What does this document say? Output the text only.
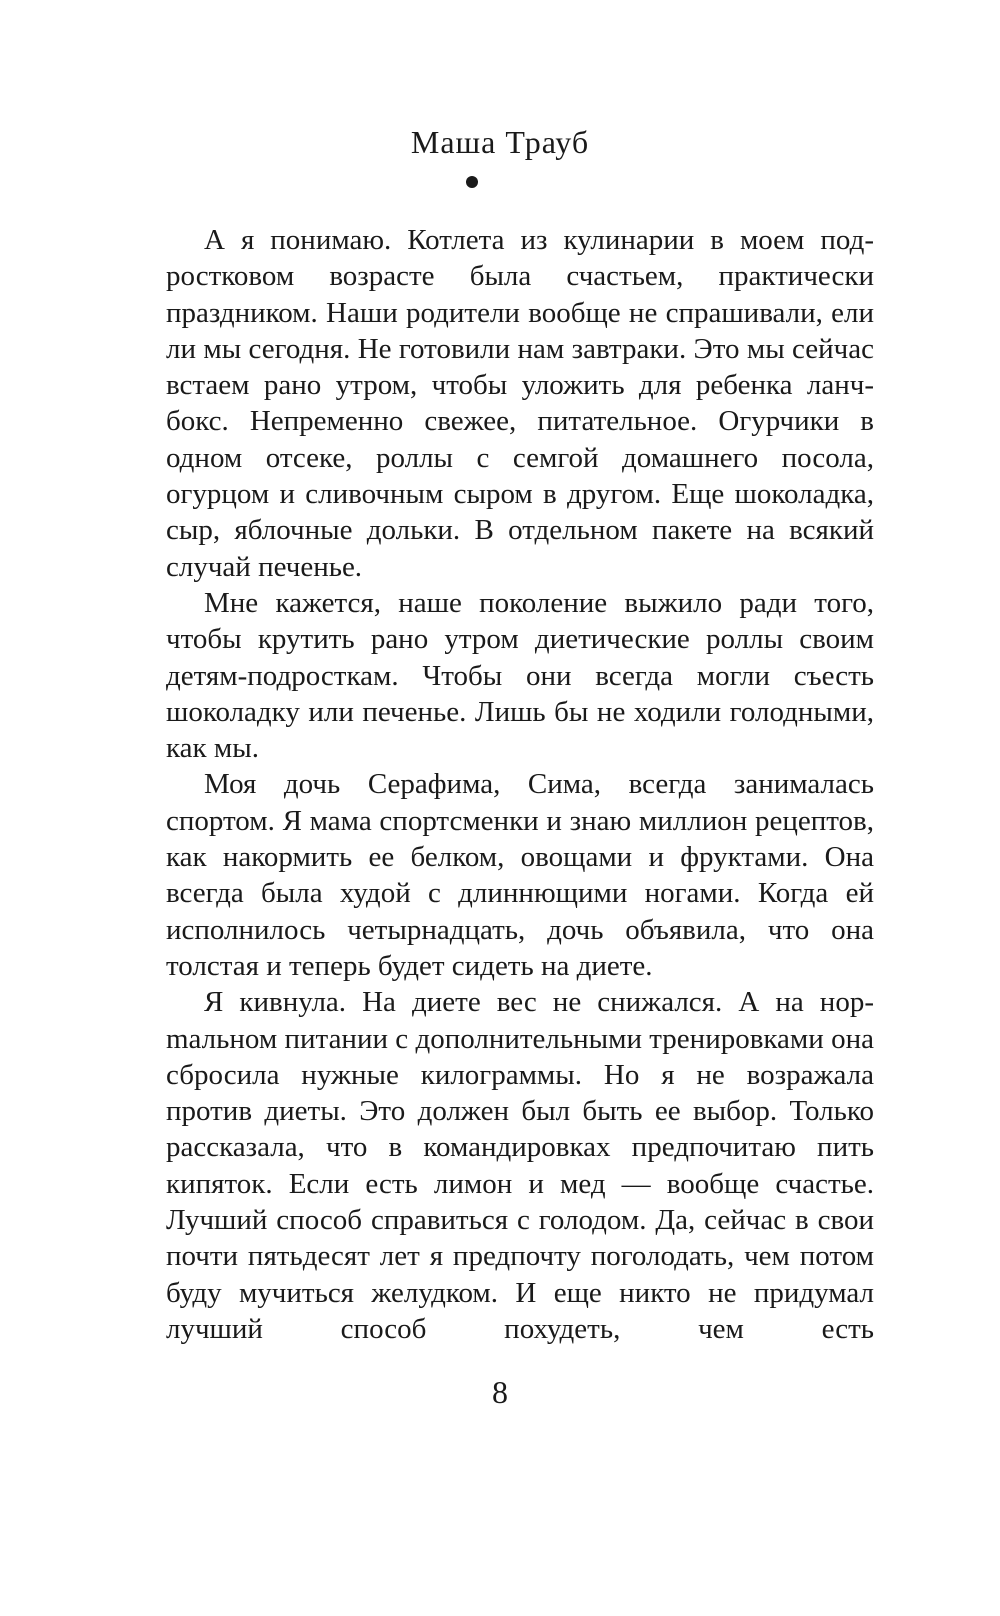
Маша Трауб

А я понимаю. Котлета из кулинарии в моем подростковом возрасте была счастьем, практически праздником. Наши родители вообще не спрашивали, ели ли мы сегодня. Не готовили нам завтраки. Это мы сейчас встаем рано утром, чтобы уложить для ребенка ланч-бокс. Непременно свежее, питательное. Огурчики в одном отсеке, роллы с семгой домашнего посола, огурцом и сливочным сыром в другом. Еще шоколадка, сыр, яблочные дольки. В отдельном пакете на всякий случай печенье.

Мне кажется, наше поколение выжило ради того, чтобы крутить рано утром диетические роллы своим детям-подросткам. Чтобы они всегда могли съесть шоколадку или печенье. Лишь бы не ходили голодными, как мы.

Моя дочь Серафима, Сима, всегда занималась спортом. Я мама спортсменки и знаю миллион рецептов, как накормить ее белком, овощами и фруктами. Она всегда была худой с длиннющими ногами. Когда ей исполнилось четырнадцать, дочь объявила, что она толстая и теперь будет сидеть на диете.

Я кивнула. На диете вес не снижался. А на норmальном питании с дополнительными тренировками она сбросила нужные килограммы. Но я не возражала против диеты. Это должен был быть ее выбор. Только рассказала, что в командировках предпочитаю пить кипяток. Если есть лимон и мед — вообще счастье. Лучший способ справиться с голодом. Да, сейчас в свои почти пятьдесят лет я предпочту поголодать, чем потом буду мучиться желудком. И еще никто не придумал лучший способ похудеть, чем есть

8
